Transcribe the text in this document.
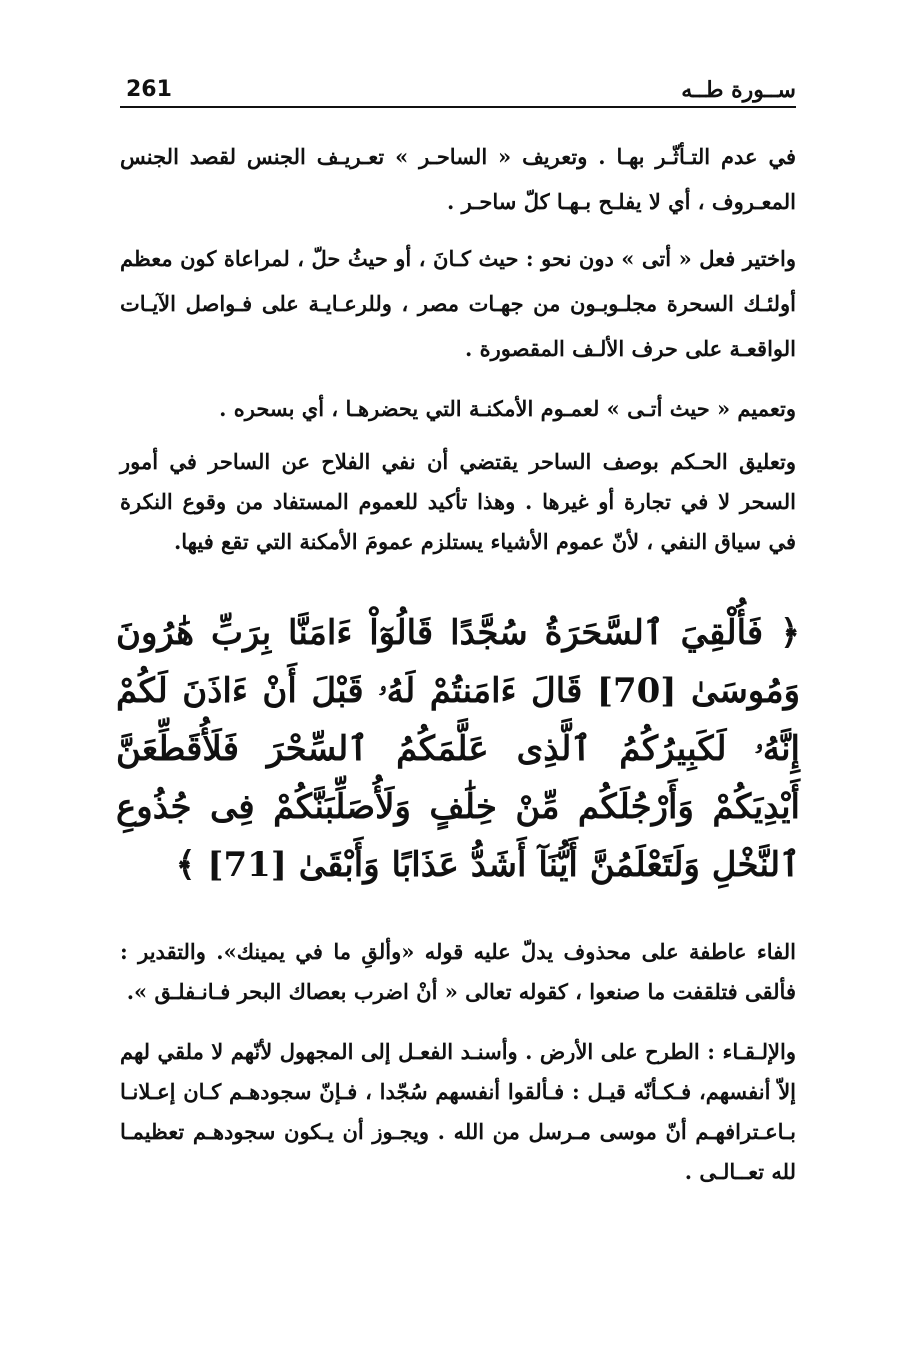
261	ســورة طــه

في عدم التـأثّـر بهـا . وتعريف « الساحـر » تعـريـف الجنس لقصد الجنس المعـروف ، أي لا يفلـح بـهـا كلّ ساحـر .

واختير فعل « أتى » دون نحو : حيث كـانَ ، أو حيثُ حلّ ، لمراعاة كون معظم أولئـك السحرة مجلـوبـون من جهـات مصر ، وللرعـايـة على فـواصل الآيـات الواقعـة على حرف الألـف المقصورة .

وتعميم « حيث أتـى » لعمـوم الأمكنـة التي يحضرهـا ، أي بسحره .

وتعليق الحـكم بوصف الساحر يقتضي أن نفي الفلاح عن الساحر في أمور السحر لا في تجارة أو غيرها . وهذا تأكيد للعموم المستفاد من وقوع النكرة في سياق النفي ، لأنّ عموم الأشياء يستلزم عمومَ الأمكنة التي تقع فيها.

﴿ فَأُلْقِيَ ٱلسَّحَرَةُ سُجَّدًا قَالُوٓاْ ءَامَنَّا بِرَبِّ هَٰرُونَ وَمُوسَىٰ [70] قَالَ ءَامَنتُمْ لَهُۥ قَبْلَ أَنْ ءَاذَنَ لَكُمْ إِنَّهُۥ لَكَبِيرُكُمُ ٱلَّذِى عَلَّمَكُمُ ٱلسِّحْرَ فَلَأُقَطِّعَنَّ أَيْدِيَكُمْ وَأَرْجُلَكُم مِّنْ خِلَٰفٍ وَلَأُصَلِّبَنَّكُمْ فِى جُذُوعِ ٱلنَّخْلِ وَلَتَعْلَمُنَّ أَيُّنَآ أَشَدُّ عَذَابًا وَأَبْقَىٰ [71] ﴾

الفاء عاطفة على محذوف يدلّ عليه قوله «وألقِ ما في يمينك». والتقدير : فألقى فتلقفت ما صنعوا ، كقوله تعالى « أنْ اضرب بعصاك البحر فـانـفلـق ».

والإلـقـاء : الطرح على الأرض . وأسنـد الفعـل إلى المجهول لأنّهم لا ملقي لهم إلاّ أنفسهم، فـكـأنّه قيـل : فـألقوا أنفسهم سُجّدا ، فـإنّ سجودهـم كـان إعـلانـا بـاعـترافهـم أنّ موسى مـرسل من الله . ويجـوز أن يـكون سجودهـم تعظيمـا لله تعــالـى .
